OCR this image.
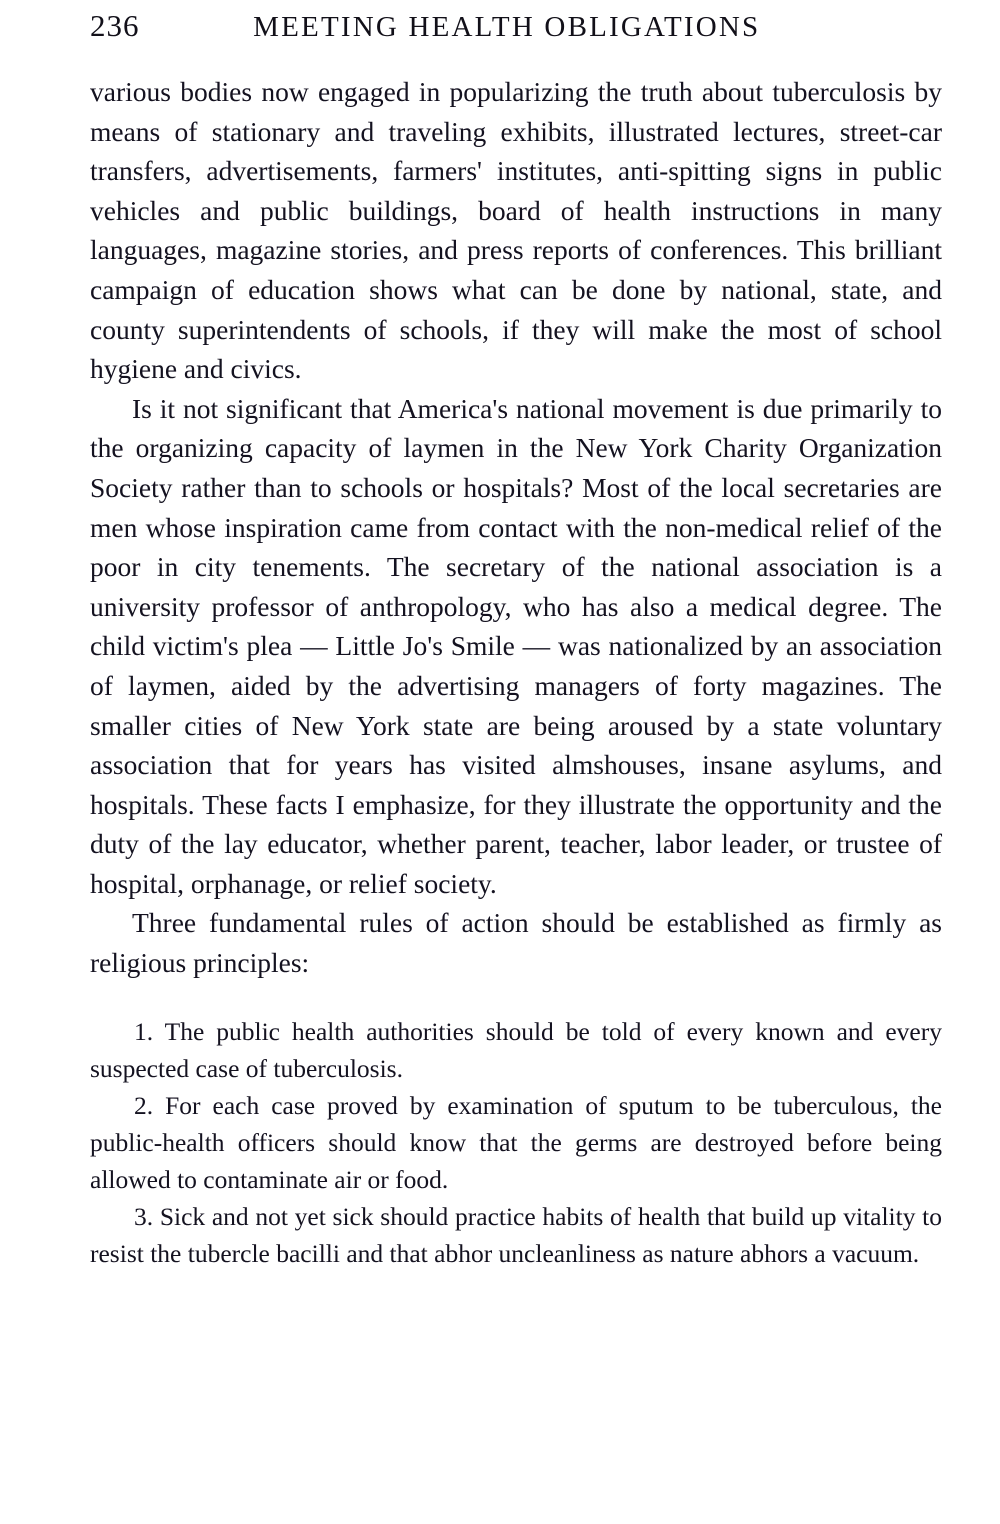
236	MEETING HEALTH OBLIGATIONS

various bodies now engaged in popularizing the truth about tuberculosis by means of stationary and traveling exhibits, illustrated lectures, street-car transfers, advertisements, farmers' institutes, anti-spitting signs in public vehicles and public buildings, board of health instructions in many languages, magazine stories, and press reports of conferences. This brilliant campaign of education shows what can be done by national, state, and county superintendents of schools, if they will make the most of school hygiene and civics.

Is it not significant that America's national movement is due primarily to the organizing capacity of laymen in the New York Charity Organization Society rather than to schools or hospitals? Most of the local secretaries are men whose inspiration came from contact with the non-medical relief of the poor in city tenements. The secretary of the national association is a university professor of anthropology, who has also a medical degree. The child victim's plea — Little Jo's Smile — was nationalized by an association of laymen, aided by the advertising managers of forty magazines. The smaller cities of New York state are being aroused by a state voluntary association that for years has visited almshouses, insane asylums, and hospitals. These facts I emphasize, for they illustrate the opportunity and the duty of the lay educator, whether parent, teacher, labor leader, or trustee of hospital, orphanage, or relief society.

Three fundamental rules of action should be established as firmly as religious principles:

1. The public health authorities should be told of every known and every suspected case of tuberculosis.

2. For each case proved by examination of sputum to be tuberculous, the public-health officers should know that the germs are destroyed before being allowed to contaminate air or food.

3. Sick and not yet sick should practice habits of health that build up vitality to resist the tubercle bacilli and that abhor uncleanliness as nature abhors a vacuum.
